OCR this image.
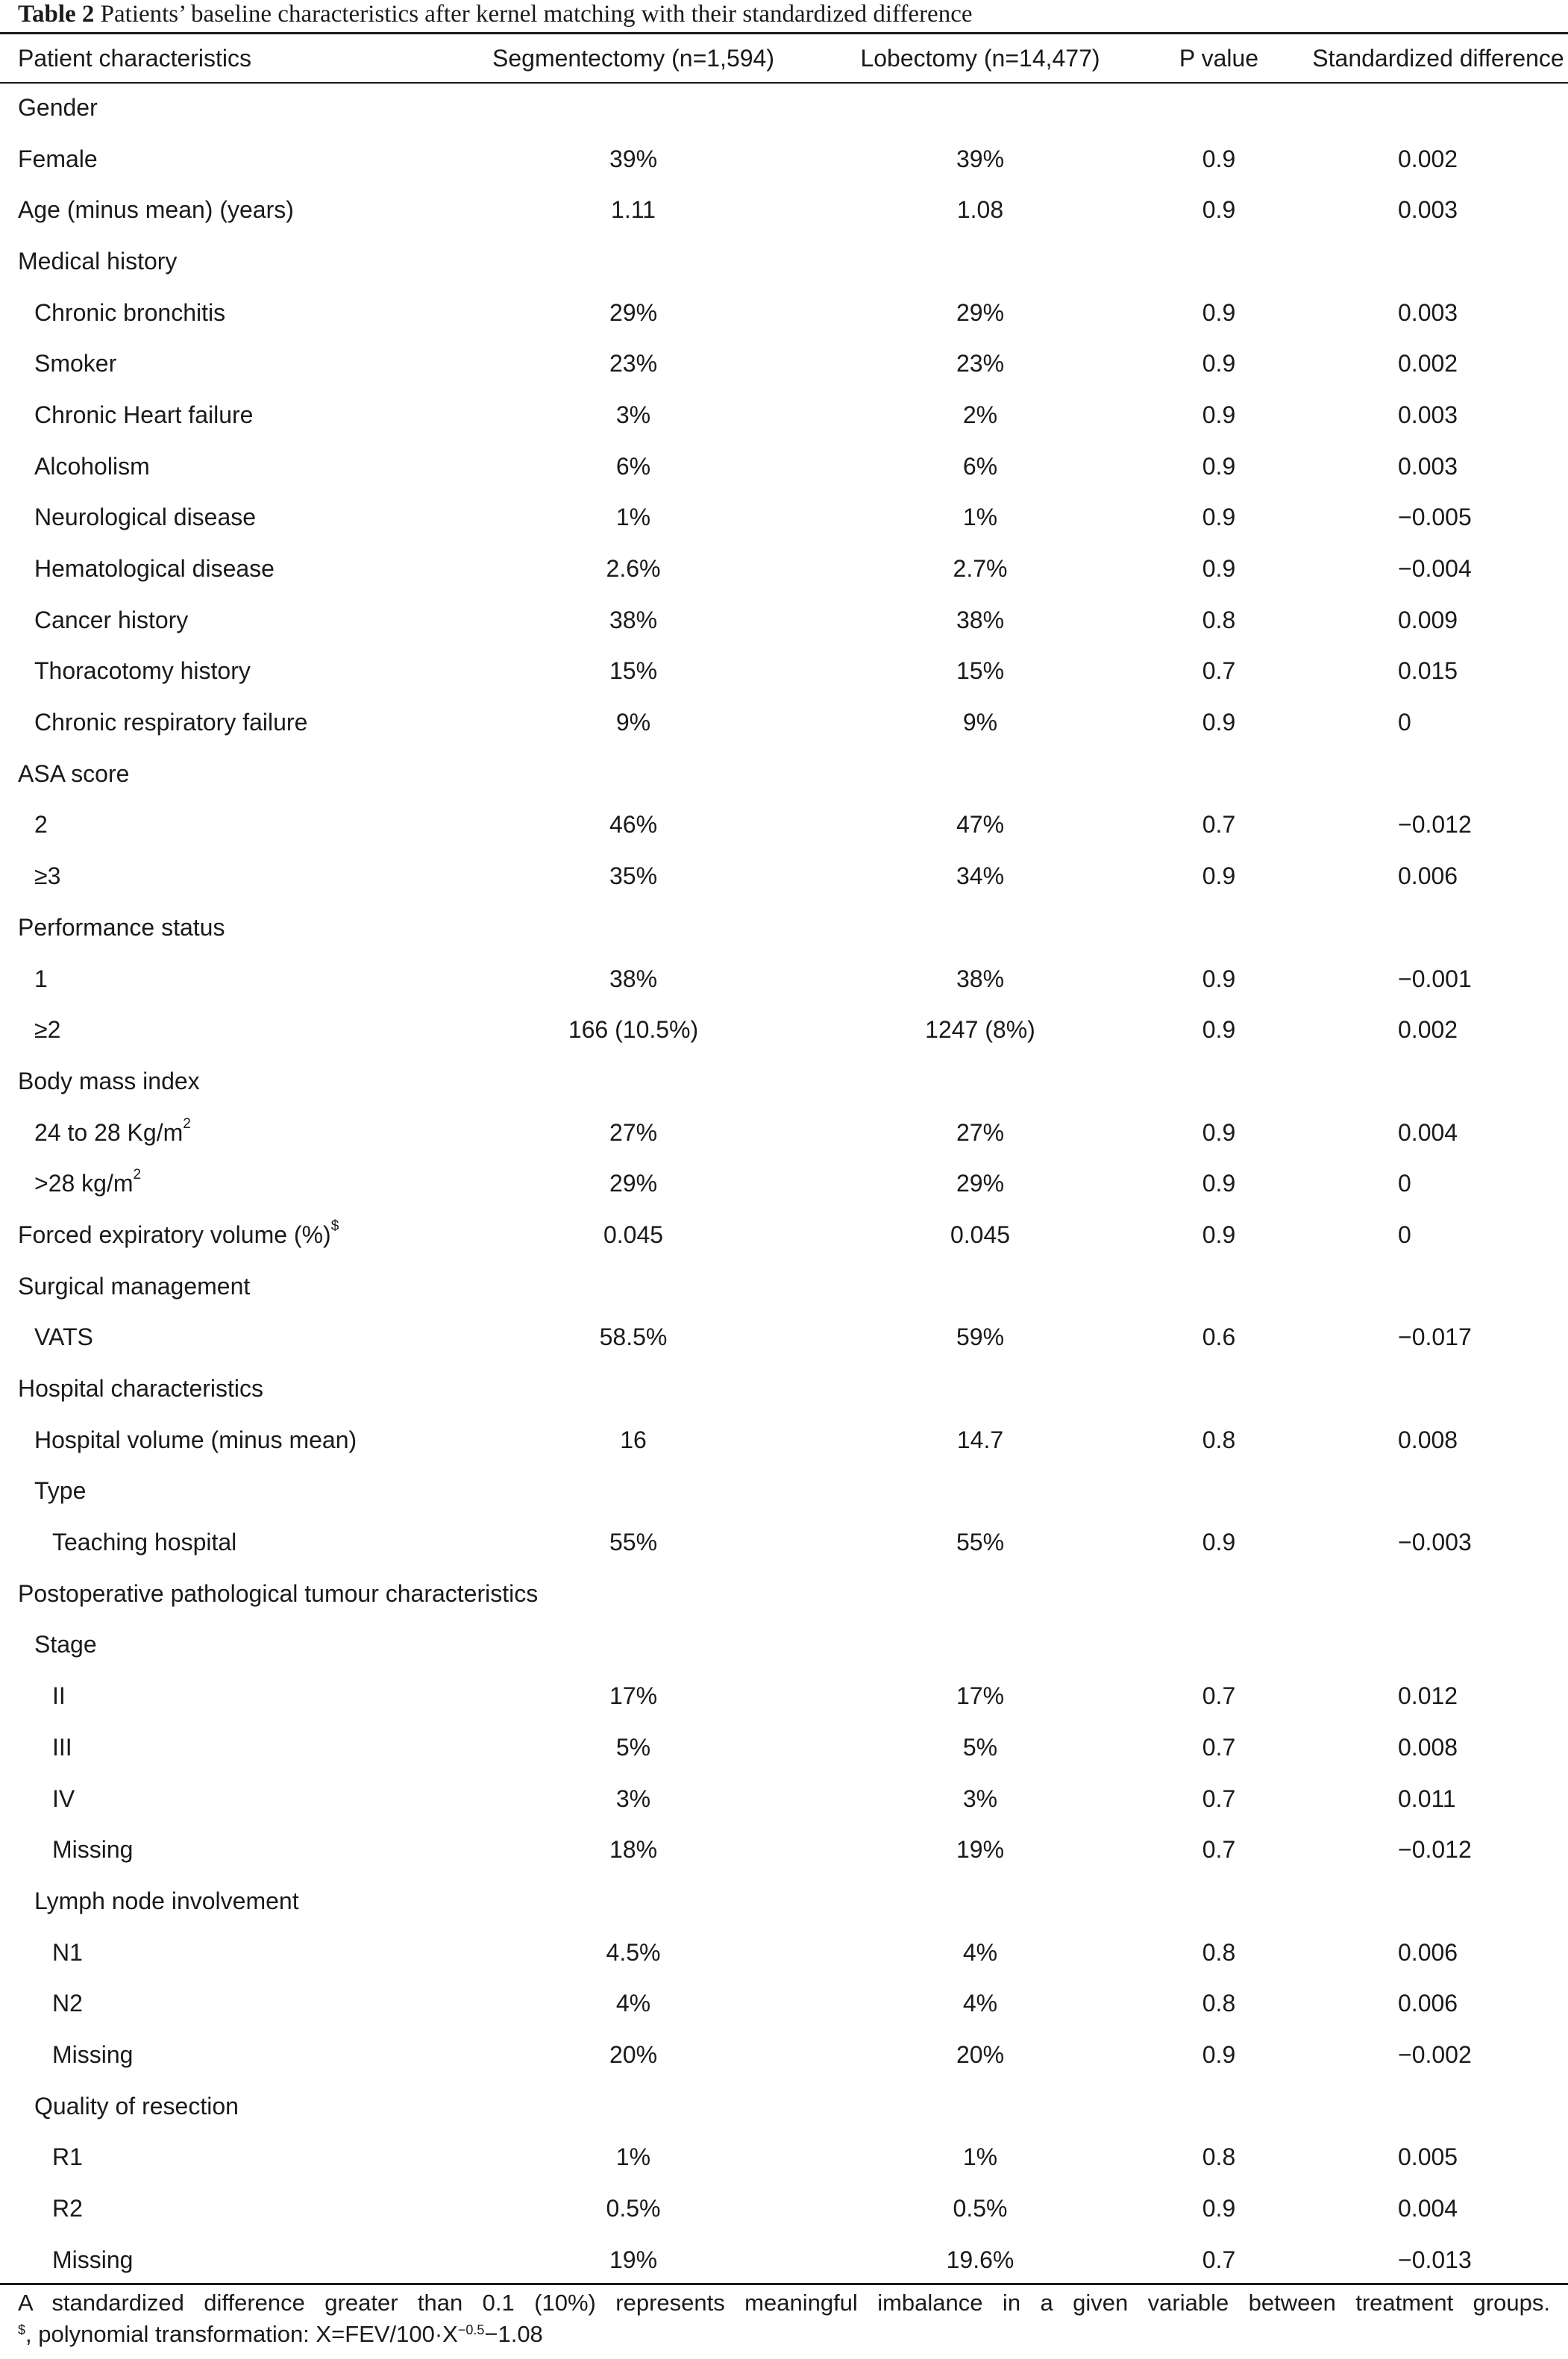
Table 2 Patients’ baseline characteristics after kernel matching with their standardized difference
Patient characteristics	Segmentectomy (n=1,594)	Lobectomy (n=14,477)	P value	Standardized difference
Gender				
Female	39%	39%	0.9	0.002
Age (minus mean) (years)	1.11	1.08	0.9	0.003
Medical history				
Chronic bronchitis	29%	29%	0.9	0.003
Smoker	23%	23%	0.9	0.002
Chronic Heart failure	3%	2%	0.9	0.003
Alcoholism	6%	6%	0.9	0.003
Neurological disease	1%	1%	0.9	−0.005
Hematological disease	2.6%	2.7%	0.9	−0.004
Cancer history	38%	38%	0.8	0.009
Thoracotomy history	15%	15%	0.7	0.015
Chronic respiratory failure	9%	9%	0.9	0
ASA score				
2	46%	47%	0.7	−0.012
≥3	35%	34%	0.9	0.006
Performance status				
1	38%	38%	0.9	−0.001
≥2	166 (10.5%)	1247 (8%)	0.9	0.002
Body mass index				
24 to 28 $Kg/m^2$	27%	27%	0.9	0.004
>28 $kg/m^2$	29%	29%	0.9	0
Forced expiratory volume (%)$	0.045	0.045	0.9	0
Surgical management				
VATS	58.5%	59%	0.6	−0.017
Hospital characteristics				
Hospital volume (minus mean)	16	14.7	0.8	0.008
Type				
Teaching hospital	55%	55%	0.9	−0.003
Postoperative pathological tumour characteristics				
Stage				
II	17%	17%	0.7	0.012
III	5%	5%	0.7	0.008
IV	3%	3%	0.7	0.011
Missing	18%	19%	0.7	−0.012
Lymph node involvement				
N1	4.5%	4%	0.8	0.006
N2	4%	4%	0.8	0.006
Missing	20%	20%	0.9	−0.002
Quality of resection				
R1	1%	1%	0.8	0.005
R2	0.5%	0.5%	0.9	0.004
Missing	19%	19.6%	0.7	−0.013
A standardized difference greater than 0.1 (10%) represents meaningful imbalance in a given variable between treatment groups.
$, polynomial transformation: $X=FEV/100\cdot X^{-0.5}-1.08$
